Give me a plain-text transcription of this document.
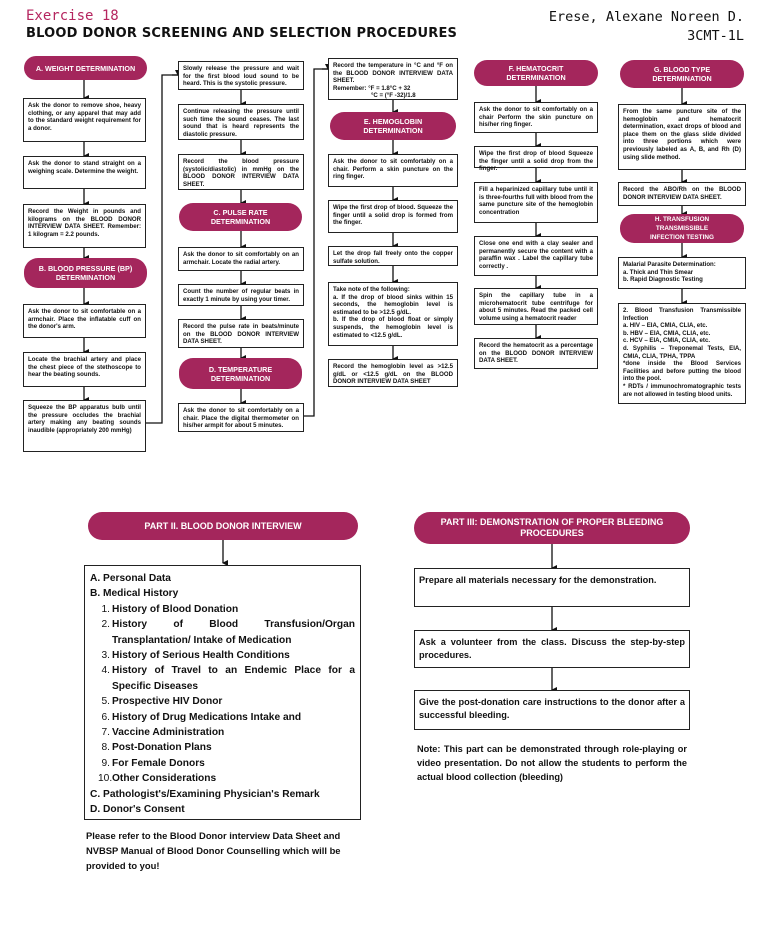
Exercise 18
BLOOD DONOR SCREENING AND SELECTION PROCEDURES
Erese, Alexane Noreen D.
3CMT-1L
A. WEIGHT DETERMINATION
Ask the donor to remove shoe, heavy clothing, or any apparel that may add to the standard weight requirement for a donor.
Ask the donor to stand straight on a weighing scale. Determine the weight.
Record the Weight in pounds and kilograms on the BLOOD DONOR INTERVIEW DATA SHEET. Remember: 1 kilogram = 2.2 pounds.
B. BLOOD PRESSURE (BP)
DETERMINATION
Ask the donor to sit comfortable on a armchair. Place the inflatable cuff on the donor's arm.
Locate the brachial artery and place the chest piece of the stethoscope to hear the beating sounds.
Squeeze the BP apparatus bulb until the pressure occludes the brachial artery making any beating sounds inaudible (appropriately 200 mmHg)
Slowly release the pressure and wait for the first blood loud sound to be heard. This is the systolic pressure.
Continue releasing the pressure until such time the sound ceases. The last sound that is heard represents the diastolic pressure.
Record the blood pressure (systolic/diastolic) in mmHg on the BLOOD DONOR INTERVIEW DATA SHEET.
C. PULSE RATE DETERMINATION
Ask the donor to sit comfortably on an armchair. Locate the radial artery.
Count the number of regular beats in exactly 1 minute by using your timer.
Record the pulse rate in beats/minute on the BLOOD DONOR INTERVIEW DATA SHEET.
D. TEMPERATURE
DETERMINATION
Ask the donor to sit comfortably on a chair. Place the digital thermometer on his/her armpit for about 5 minutes.
Record the temperature in °C and °F on the BLOOD DONOR INTERVIEW DATA SHEET.
Remember: °F = 1.8°C + 32
°C = (°F -32)/1.8
E. HEMOGLOBIN
DETERMINATION
Ask the donor to sit comfortably on a chair. Perform a skin puncture on the ring finger.
Wipe the first drop of blood. Squeeze the finger until a solid drop is formed from the finger.
Let the drop fall freely onto the copper sulfate solution.
Take note of the following:
a. If the drop of blood sinks within 15 seconds, the hemoglobin level is estimated to be >12.5 g/dL.
b. If the drop of blood float or simply suspends, the hemoglobin level is estimated to <12.5 g/dL.
Record the hemoglobin level as >12.5 g/dL or <12.5 g/dL on the BLOOD DONOR INTERVIEW DATA SHEET
F. HEMATOCRIT
DETERMINATION
Ask the donor to sit comfortably on a chair Perform the skin puncture on his/her ring finger.
Wipe the first drop of blood Squeeze the finger until a solid drop from the finger.
Fill a heparinized capillary tube until it is three-fourths full with blood from the same puncture site of the hemoglobin concentration
Close one end with a clay sealer and permanently secure the content with a paraffin wax . Label the capillary tube correctly .
Spin the capillary tube in a microhematocrit tube centrifuge for about 5 minutes. Read the packed cell volume using a hematocrit reader
Record the hematocrit as a percentage on the BLOOD DONOR INTERVIEW DATA SHEET.
G. BLOOD TYPE
DETERMINATION
From the same puncture site of the hemoglobin and hematocrit determination, exact drops of blood and place them on the glass slide divided into three portions which were previously labeled as A, B, and Rh (D) using slide method.
Record the ABO/Rh on the BLOOD DONOR INTERVIEW DATA SHEET.
H. TRANSFUSION TRANSMISSIBLE
INFECTION TESTING
Malarial Parasite Determination:
a. Thick and Thin Smear
b. Rapid Diagnostic Testing
2. Blood Transfusion Transmissible Infection
a. HIV – EIA, CMIA, CLIA, etc.
b. HBV – EIA, CMIA, CLIA, etc.
c. HCV – EIA, CMIA, CLIA, etc.
d. Syphilis – Treponemal Tests, EIA, CMIA, CLIA, TPHA, TPPA
*done inside the Blood Services Facilities and before putting the blood into the pool.
* RDTs / immunochromatographic tests are not allowed in testing blood units.
PART II. BLOOD DONOR INTERVIEW
A. Personal Data
B. Medical History
1. History of Blood Donation
2. History of Blood Transfusion/Organ Transplantation/ Intake of Medication
3. History of Serious Health Conditions
4. History of Travel to an Endemic Place for a Specific Diseases
5. Prospective HIV Donor
6. History of Drug Medications Intake and
7. Vaccine Administration
8. Post-Donation Plans
9. For Female Donors
10. Other Considerations
C. Pathologist's/Examining Physician's Remark
D. Donor's Consent
Please refer to the Blood Donor interview Data Sheet and NVBSP Manual of Blood Donor Counselling which will be provided to you!
PART III: DEMONSTRATION OF PROPER BLEEDING
PROCEDURES
Prepare all materials necessary for the demonstration.
Ask a volunteer from the class. Discuss the step-by-step procedures.
Give the post-donation care instructions to the donor after a successful bleeding.
Note: This part can be demonstrated through role-playing or video presentation. Do not allow the students to perform the actual blood collection (bleeding)
